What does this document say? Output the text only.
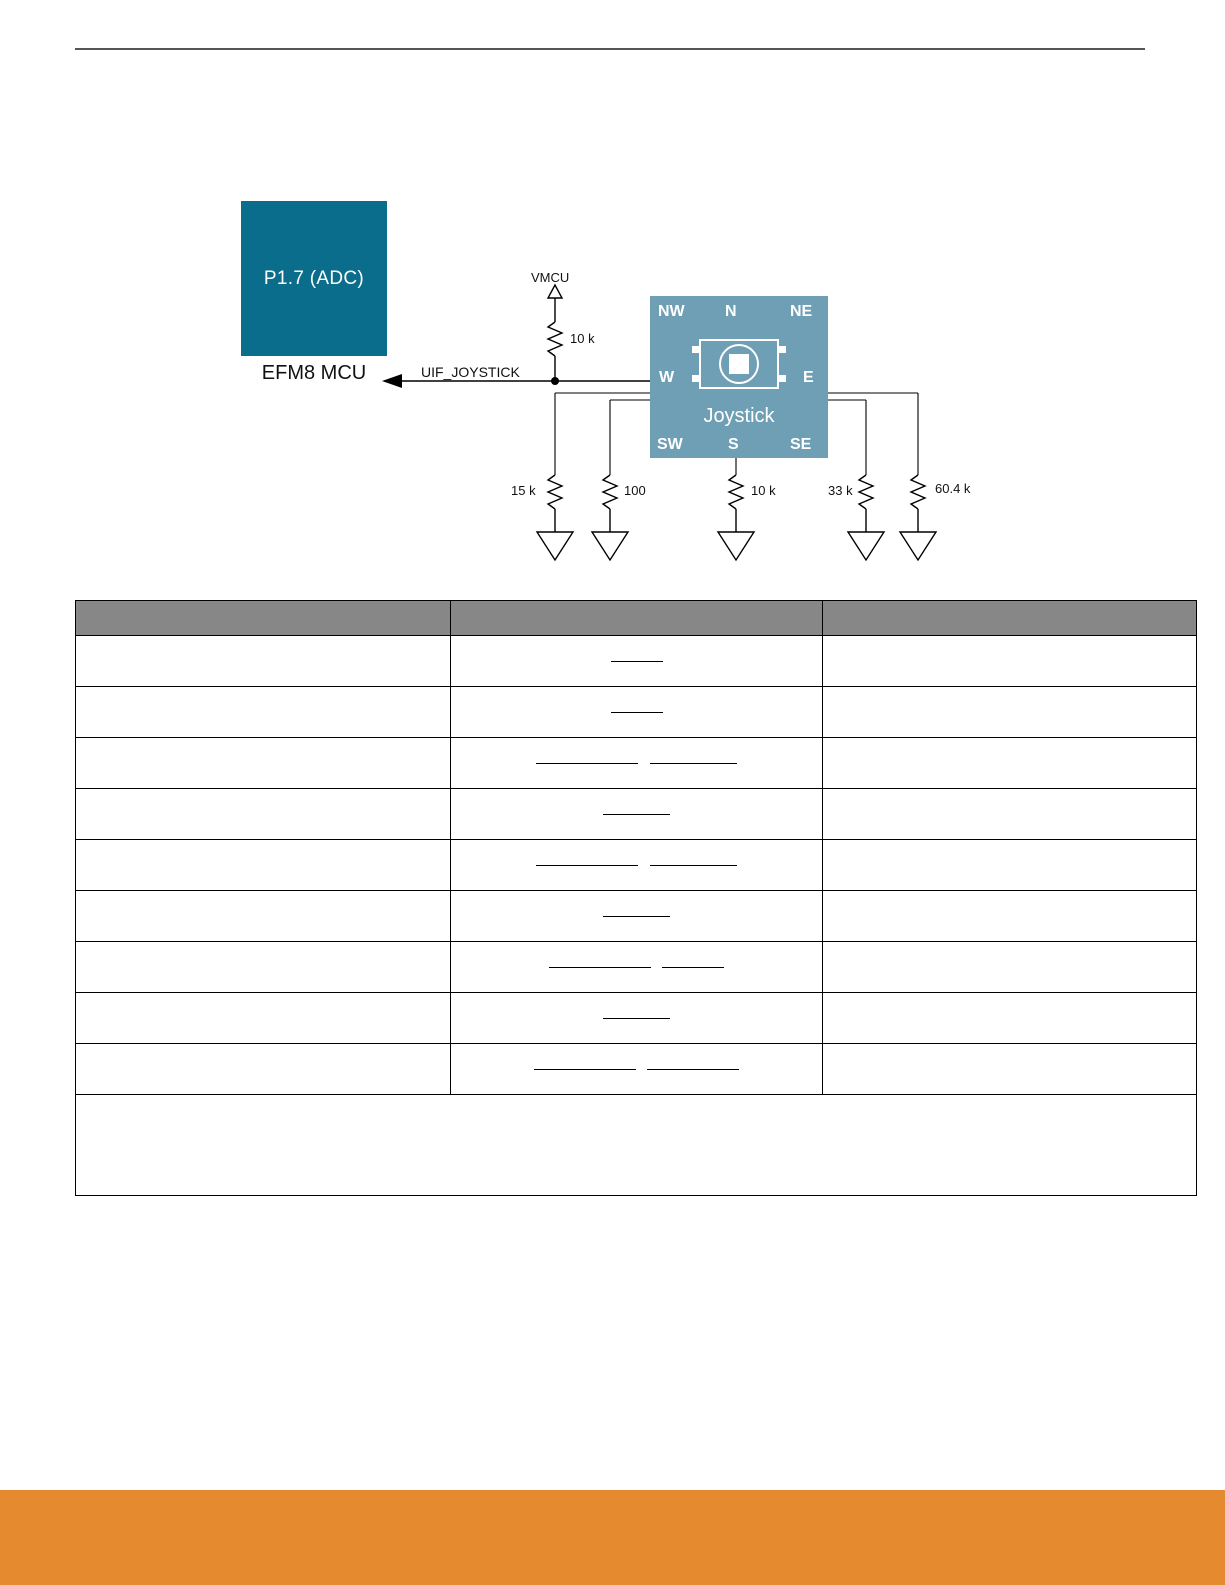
P1.7 (ADC)
EFM8 MCU
NW	N	NE
W	E
SW	S	SE
Joystick
VMCU
UIF_JOYSTICK
10 k
15 k	100	10 k	33 k	60.4 k
